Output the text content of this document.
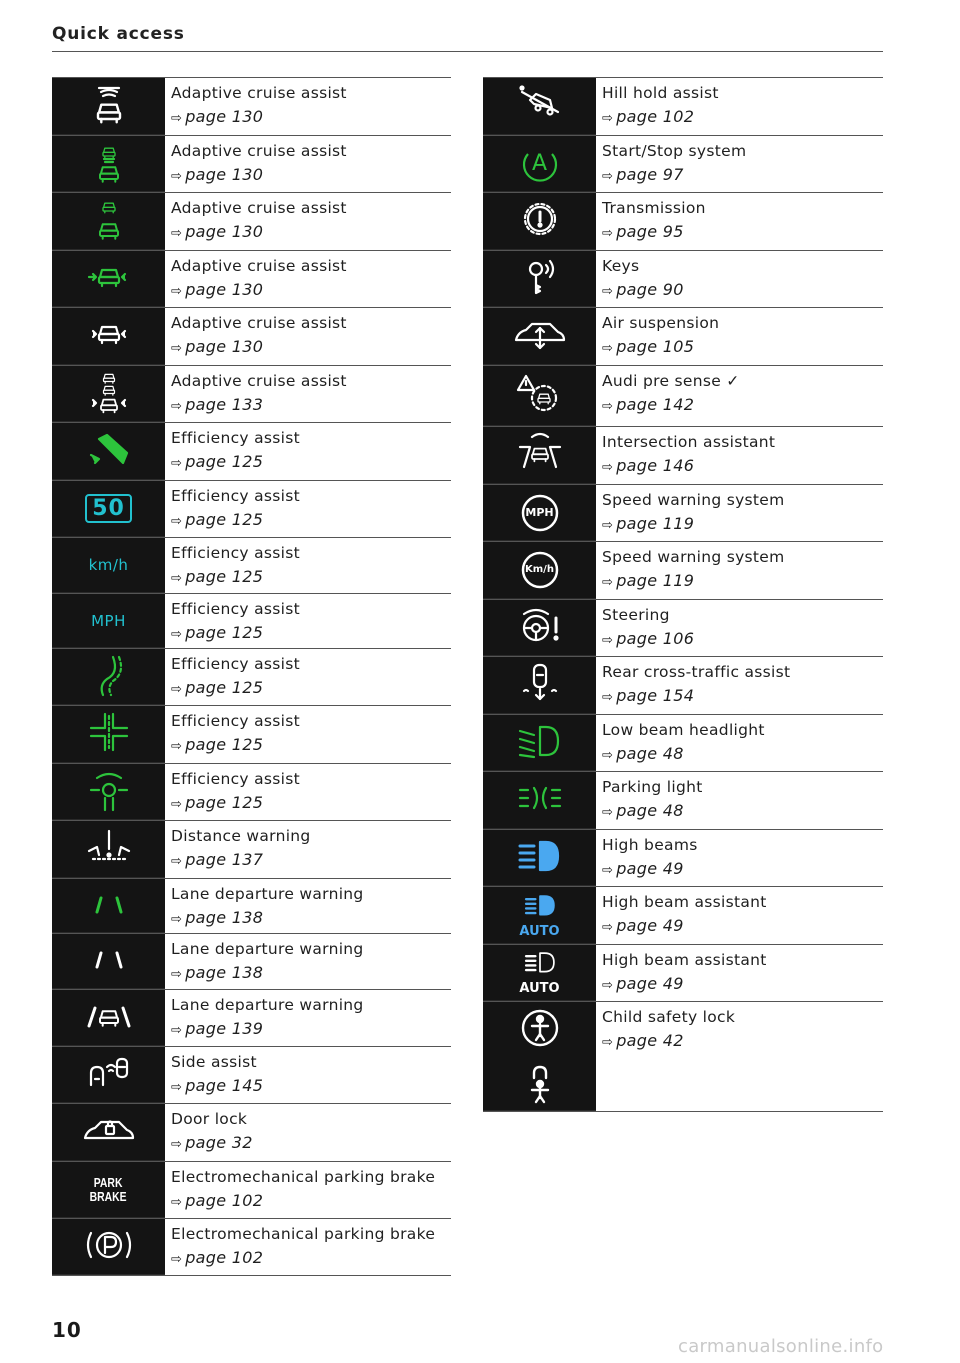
Quick access
Adaptive cruise assist
⇨ page 130
Adaptive cruise assist
⇨ page 130
Adaptive cruise assist
⇨ page 130
Adaptive cruise assist
⇨ page 130
Adaptive cruise assist
⇨ page 130
Adaptive cruise assist
⇨ page 133
Efficiency assist
⇨ page 125
50	Efficiency assist
⇨ page 125
km/h
Efficiency assist
⇨ page 125
MPH
Efficiency assist
⇨ page 125
Efficiency assist
⇨ page 125
Efficiency assist
⇨ page 125
Efficiency assist
⇨ page 125
Distance warning
⇨ page 137
Lane departure warning
⇨ page 138
Lane departure warning
⇨ page 138
Lane departure warning
⇨ page 139
Side assist
⇨ page 145
Door lock
⇨ page 32
PARK
BRAKE
Electromechanical parking brake
⇨ page 102
Electromechanical parking brake
⇨ page 102
Hill hold assist
⇨ page 102
A	Start/Stop system
⇨ page 97
Transmission
⇨ page 95
Keys
⇨ page 90
Air suspension
⇨ page 105
Audi pre sense ✓
⇨ page 142
Intersection assistant
⇨ page 146
MPH
Speed warning system
⇨ page 119
Km/h
Speed warning system
⇨ page 119
Steering
⇨ page 106
Rear cross-traffic assist
⇨ page 154
Low beam headlight
⇨ page 48
Parking light
⇨ page 48
High beams
⇨ page 49
AUTO
High beam assistant
⇨ page 49
AUTO
High beam assistant
⇨ page 49
Child safety lock
⇨ page 42
10
carmanualsonline.info
